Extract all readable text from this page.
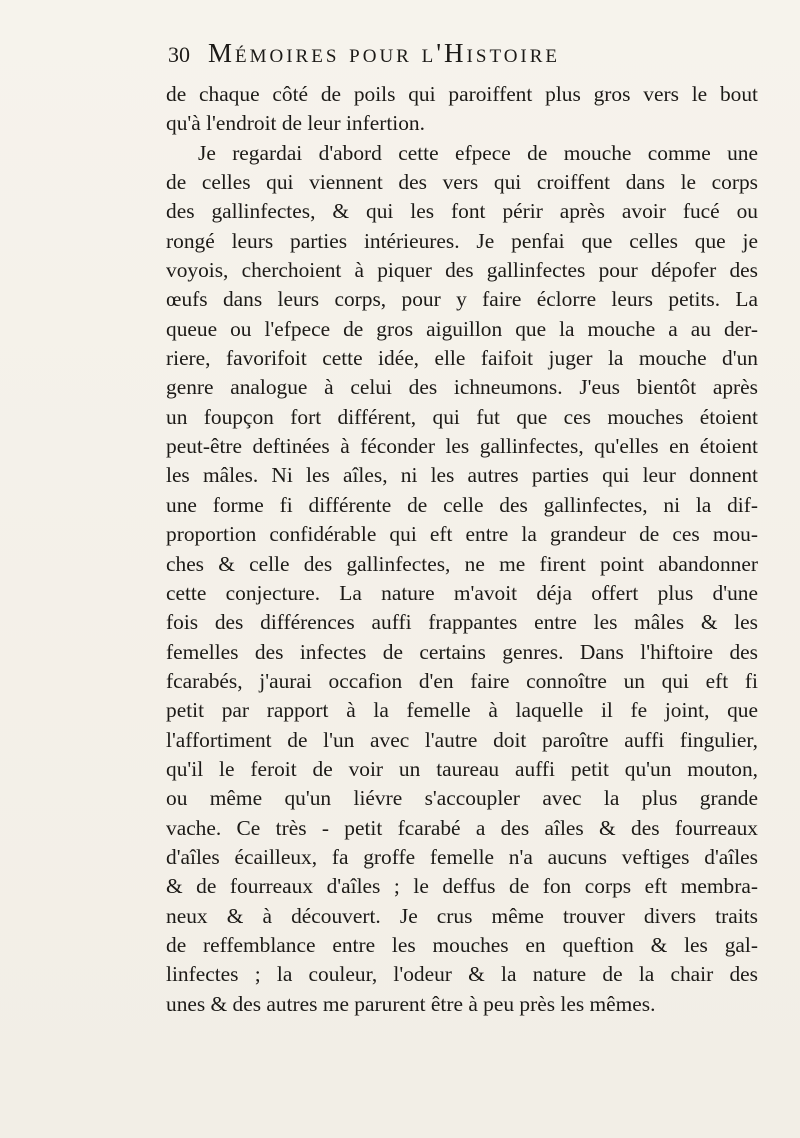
30 Mémoires pour l'Histoire
de chaque côté de poils qui paroiffent plus gros vers le bout
qu'à l'endroit de leur infertion.
Je regardai d'abord cette efpece de mouche comme une
de celles qui viennent des vers qui croiffent dans le corps
des gallinfectes, & qui les font périr après avoir fucé ou
rongé leurs parties intérieures. Je penfai que celles que je
voyois, cherchoient à piquer des gallinfectes pour dépofer des
œufs dans leurs corps, pour y faire éclorre leurs petits. La
queue ou l'efpece de gros aiguillon que la mouche a au der-
riere, favorifoit cette idée, elle faifoit juger la mouche d'un
genre analogue à celui des ichneumons. J'eus bientôt après
un foupçon fort différent, qui fut que ces mouches étoient
peut-être deftinées à féconder les gallinfectes, qu'elles en étoient
les mâles. Ni les aîles, ni les autres parties qui leur donnent
une forme fi différente de celle des gallinfectes, ni la dif-
proportion confidérable qui eft entre la grandeur de ces mou-
ches & celle des gallinfectes, ne me firent point abandonner
cette conjecture. La nature m'avoit déja offert plus d'une
fois des différences auffi frappantes entre les mâles & les
femelles des infectes de certains genres. Dans l'hiftoire des
fcarabés, j'aurai occafion d'en faire connoître un qui eft fi
petit par rapport à la femelle à laquelle il fe joint, que
l'affortiment de l'un avec l'autre doit paroître auffi fingulier,
qu'il le feroit de voir un taureau auffi petit qu'un mouton,
ou même qu'un liévre s'accoupler avec la plus grande
vache. Ce très - petit fcarabé a des aîles & des fourreaux
d'aîles écailleux, fa groffe femelle n'a aucuns veftiges d'aîles
& de fourreaux d'aîles ; le deffus de fon corps eft membra-
neux & à découvert. Je crus même trouver divers traits
de reffemblance entre les mouches en queftion & les gal-
linfectes ; la couleur, l'odeur & la nature de la chair des
unes & des autres me parurent être à peu près les mêmes.
